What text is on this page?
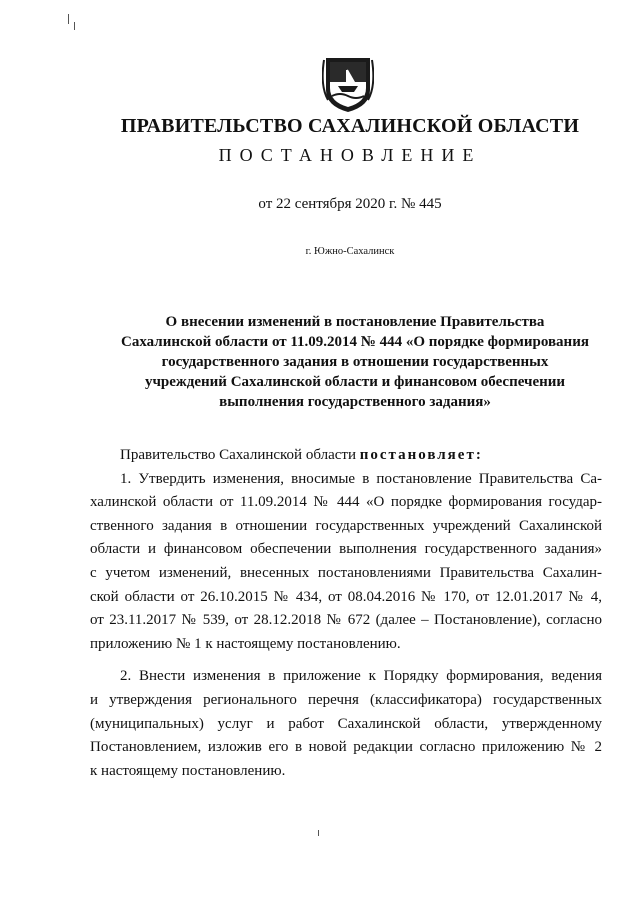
ПРАВИТЕЛЬСТВО САХАЛИНСКОЙ ОБЛАСТИ
ПОСТАНОВЛЕНИЕ
от 22 сентября 2020 г. № 445
г. Южно-Сахалинск
О внесении изменений в постановление Правительства
Сахалинской области от 11.09.2014 № 444 «О порядке формирования
государственного задания в отношении государственных
учреждений Сахалинской области и финансовом обеспечении
выполнения государственного задания»

Правительство Сахалинской области постановляет:

1. Утвердить изменения, вносимые в постановление Правительства Са-
халинской области от 11.09.2014 № 444 «О порядке формирования государ-
ственного задания в отношении государственных учреждений Сахалинской
области и финансовом обеспечении выполнения государственного задания»
с учетом изменений, внесенных постановлениями Правительства Сахалин-
ской области от 26.10.2015 № 434, от 08.04.2016 № 170, от 12.01.2017 № 4,
от 23.11.2017 № 539, от 28.12.2018 № 672 (далее – Постановление), согласно
приложению № 1 к настоящему постановлению.
2. Внести изменения в приложение к Порядку формирования, ведения
и утверждения регионального перечня (классификатора) государственных
(муниципальных) услуг и работ Сахалинской области, утвержденному
Постановлением, изложив его в новой редакции согласно приложению № 2
к настоящему постановлению.
